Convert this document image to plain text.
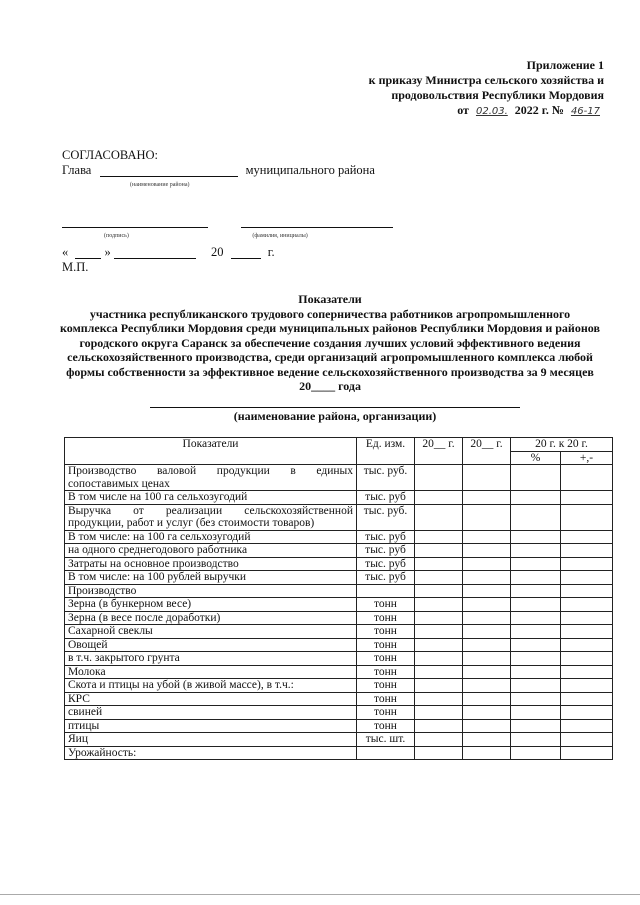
Приложение 1
к приказу Министра сельского хозяйства и
продовольствия Республики Мордовия
от 02.03. 2022 г. № 46-17
СОГЛАСОВАНО:
Глава	муниципального района
(наименование района)

(подпись)	(фамилия, инициалы)
«	»	20	г.
М.П.
Показатели
участника республиканского трудового соперничества работников агропромышленного комплекса Республики Мордовия среди муниципальных районов Республики Мордовия и районов городского округа Саранск за обеспечение создания лучших условий эффективного ведения сельскохозяйственного производства, среди организаций агропромышленного комплекса любой формы собственности за эффективное ведение сельскохозяйственного производства за 9 месяцев 20____ года
(наименование района, организации)
Показатели	Ед. изм.	20__ г.	20__ г.	20 г. к 20 г.	
				%	+,-
Производство валовой продукции в единых сопоставимых ценах	тыс. руб.				
В том числе на 100 га сельхозугодий	тыс. руб				
Выручка от реализации сельскохозяйственной продукции, работ и услуг (без стоимости товаров)	тыс. руб.				
В том числе: на 100 га сельхозугодий	тыс. руб				
на одного среднегодового работника	тыс. руб				
Затраты на основное производство	тыс. руб				
В том числе: на 100 рублей выручки	тыс. руб				
Производство					
Зерна (в бункерном весе)	тонн				
Зерна (в весе после доработки)	тонн				
Сахарной свеклы	тонн				
Овощей	тонн				
в т.ч. закрытого грунта	тонн				
Молока	тонн				
Скота и птицы на убой (в живой массе), в т.ч.:	тонн				
КРС	тонн				
свиней	тонн				
птицы	тонн				
Яиц	тыс. шт.				
Урожайность:					
